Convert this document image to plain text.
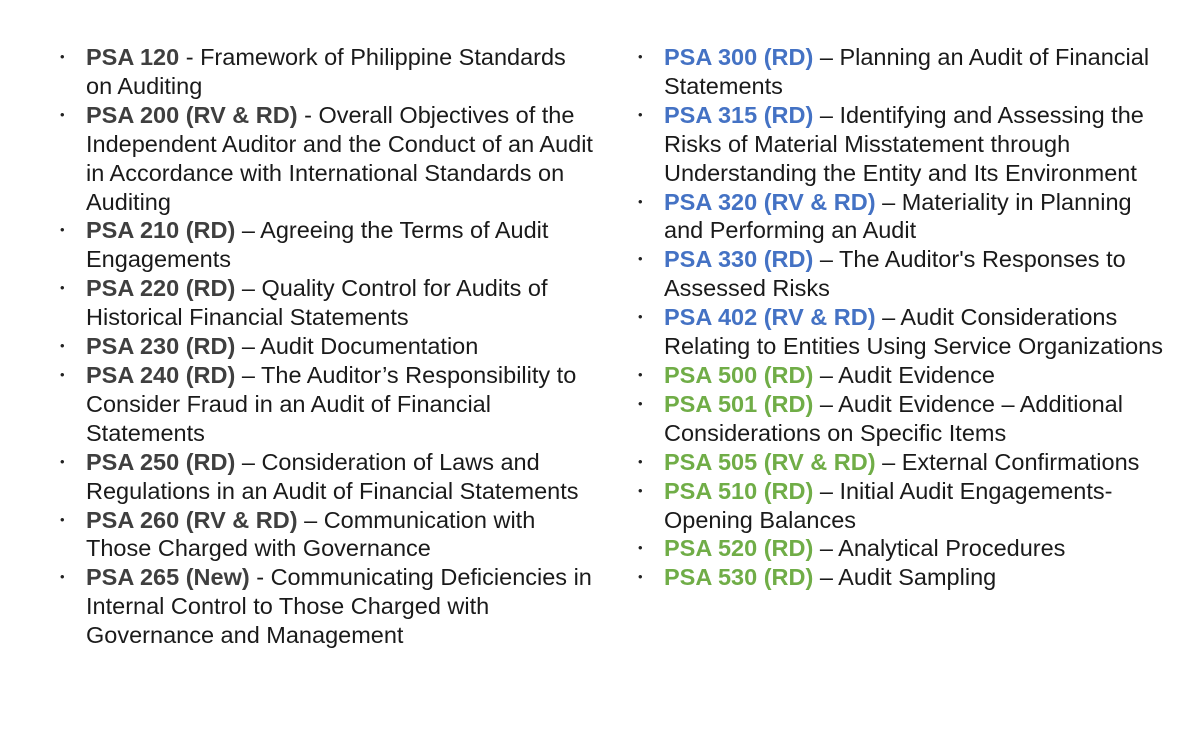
• PSA 120 - Framework of Philippine Standards on Auditing
• PSA 200 (RV & RD) - Overall Objectives of the Independent Auditor and the Conduct of an Audit in Accordance with International Standards on Auditing
• PSA 210 (RD) – Agreeing the Terms of Audit Engagements
• PSA 220 (RD) – Quality Control for Audits of Historical Financial Statements
• PSA 230 (RD) – Audit Documentation
• PSA 240 (RD) – The Auditor’s Responsibility to Consider Fraud in an Audit of Financial Statements
• PSA 250 (RD) – Consideration of Laws and Regulations in an Audit of Financial Statements
• PSA 260 (RV & RD) – Communication with Those Charged with Governance
• PSA 265 (New) - Communicating Deficiencies in Internal Control to Those Charged with Governance and Management
• PSA 300 (RD) – Planning an Audit of Financial Statements
• PSA 315 (RD) – Identifying and Assessing the Risks of Material Misstatement through Understanding the Entity and Its Environment
• PSA 320 (RV & RD) – Materiality in Planning and Performing an Audit
• PSA 330 (RD) – The Auditor's Responses to Assessed Risks
• PSA 402 (RV & RD) – Audit Considerations Relating to Entities Using Service Organizations
• PSA 500 (RD) – Audit Evidence
• PSA 501 (RD) – Audit Evidence – Additional Considerations on Specific Items
• PSA 505 (RV & RD) – External Confirmations
• PSA 510 (RD) – Initial Audit Engagements-Opening Balances
• PSA 520 (RD) – Analytical Procedures
• PSA 530 (RD) – Audit Sampling
